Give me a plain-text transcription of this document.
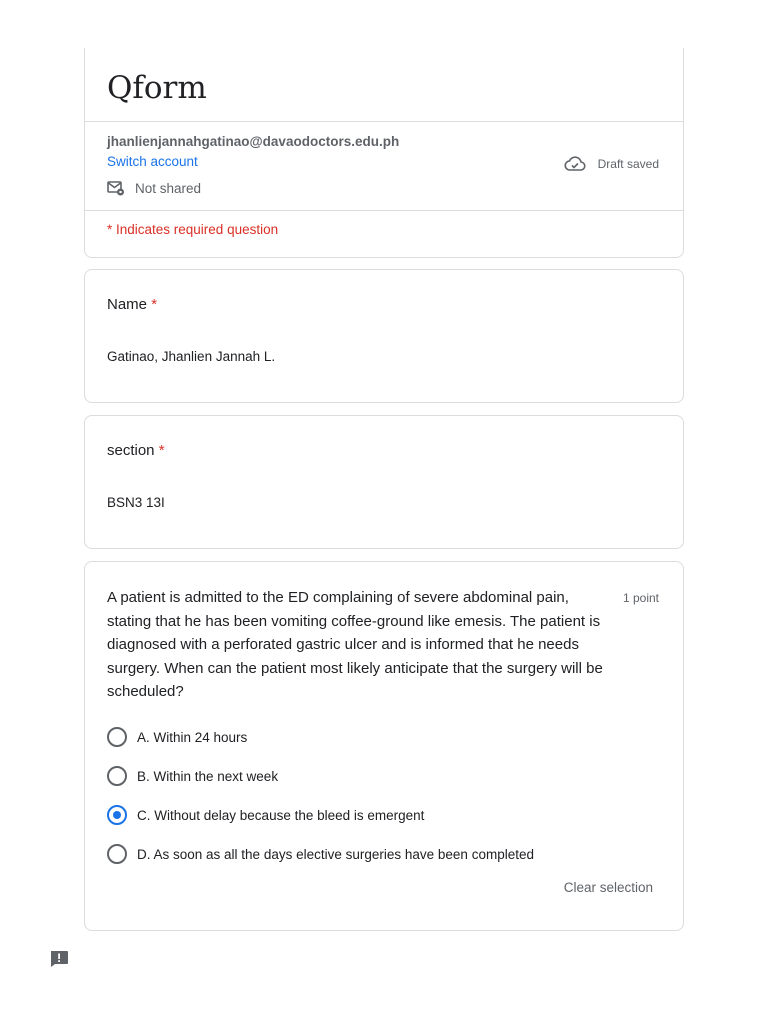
Qform
jhanlienjannahgatinao@davaodoctors.edu.ph
Switch account
Not shared
Draft saved
* Indicates required question
Name *
Gatinao, Jhanlien Jannah L.
section *
BSN3 13I

A patient is admitted to the ED complaining of severe abdominal pain, stating that he has been vomiting coffee-ground like emesis. The patient is diagnosed with a perforated gastric ulcer and is informed that he needs surgery. When can the patient most likely anticipate that the surgery will be scheduled?

1 point
A. Within 24 hours
B. Within the next week
C. Without delay because the bleed is emergent
D. As soon as all the days elective surgeries have been completed
Clear selection
